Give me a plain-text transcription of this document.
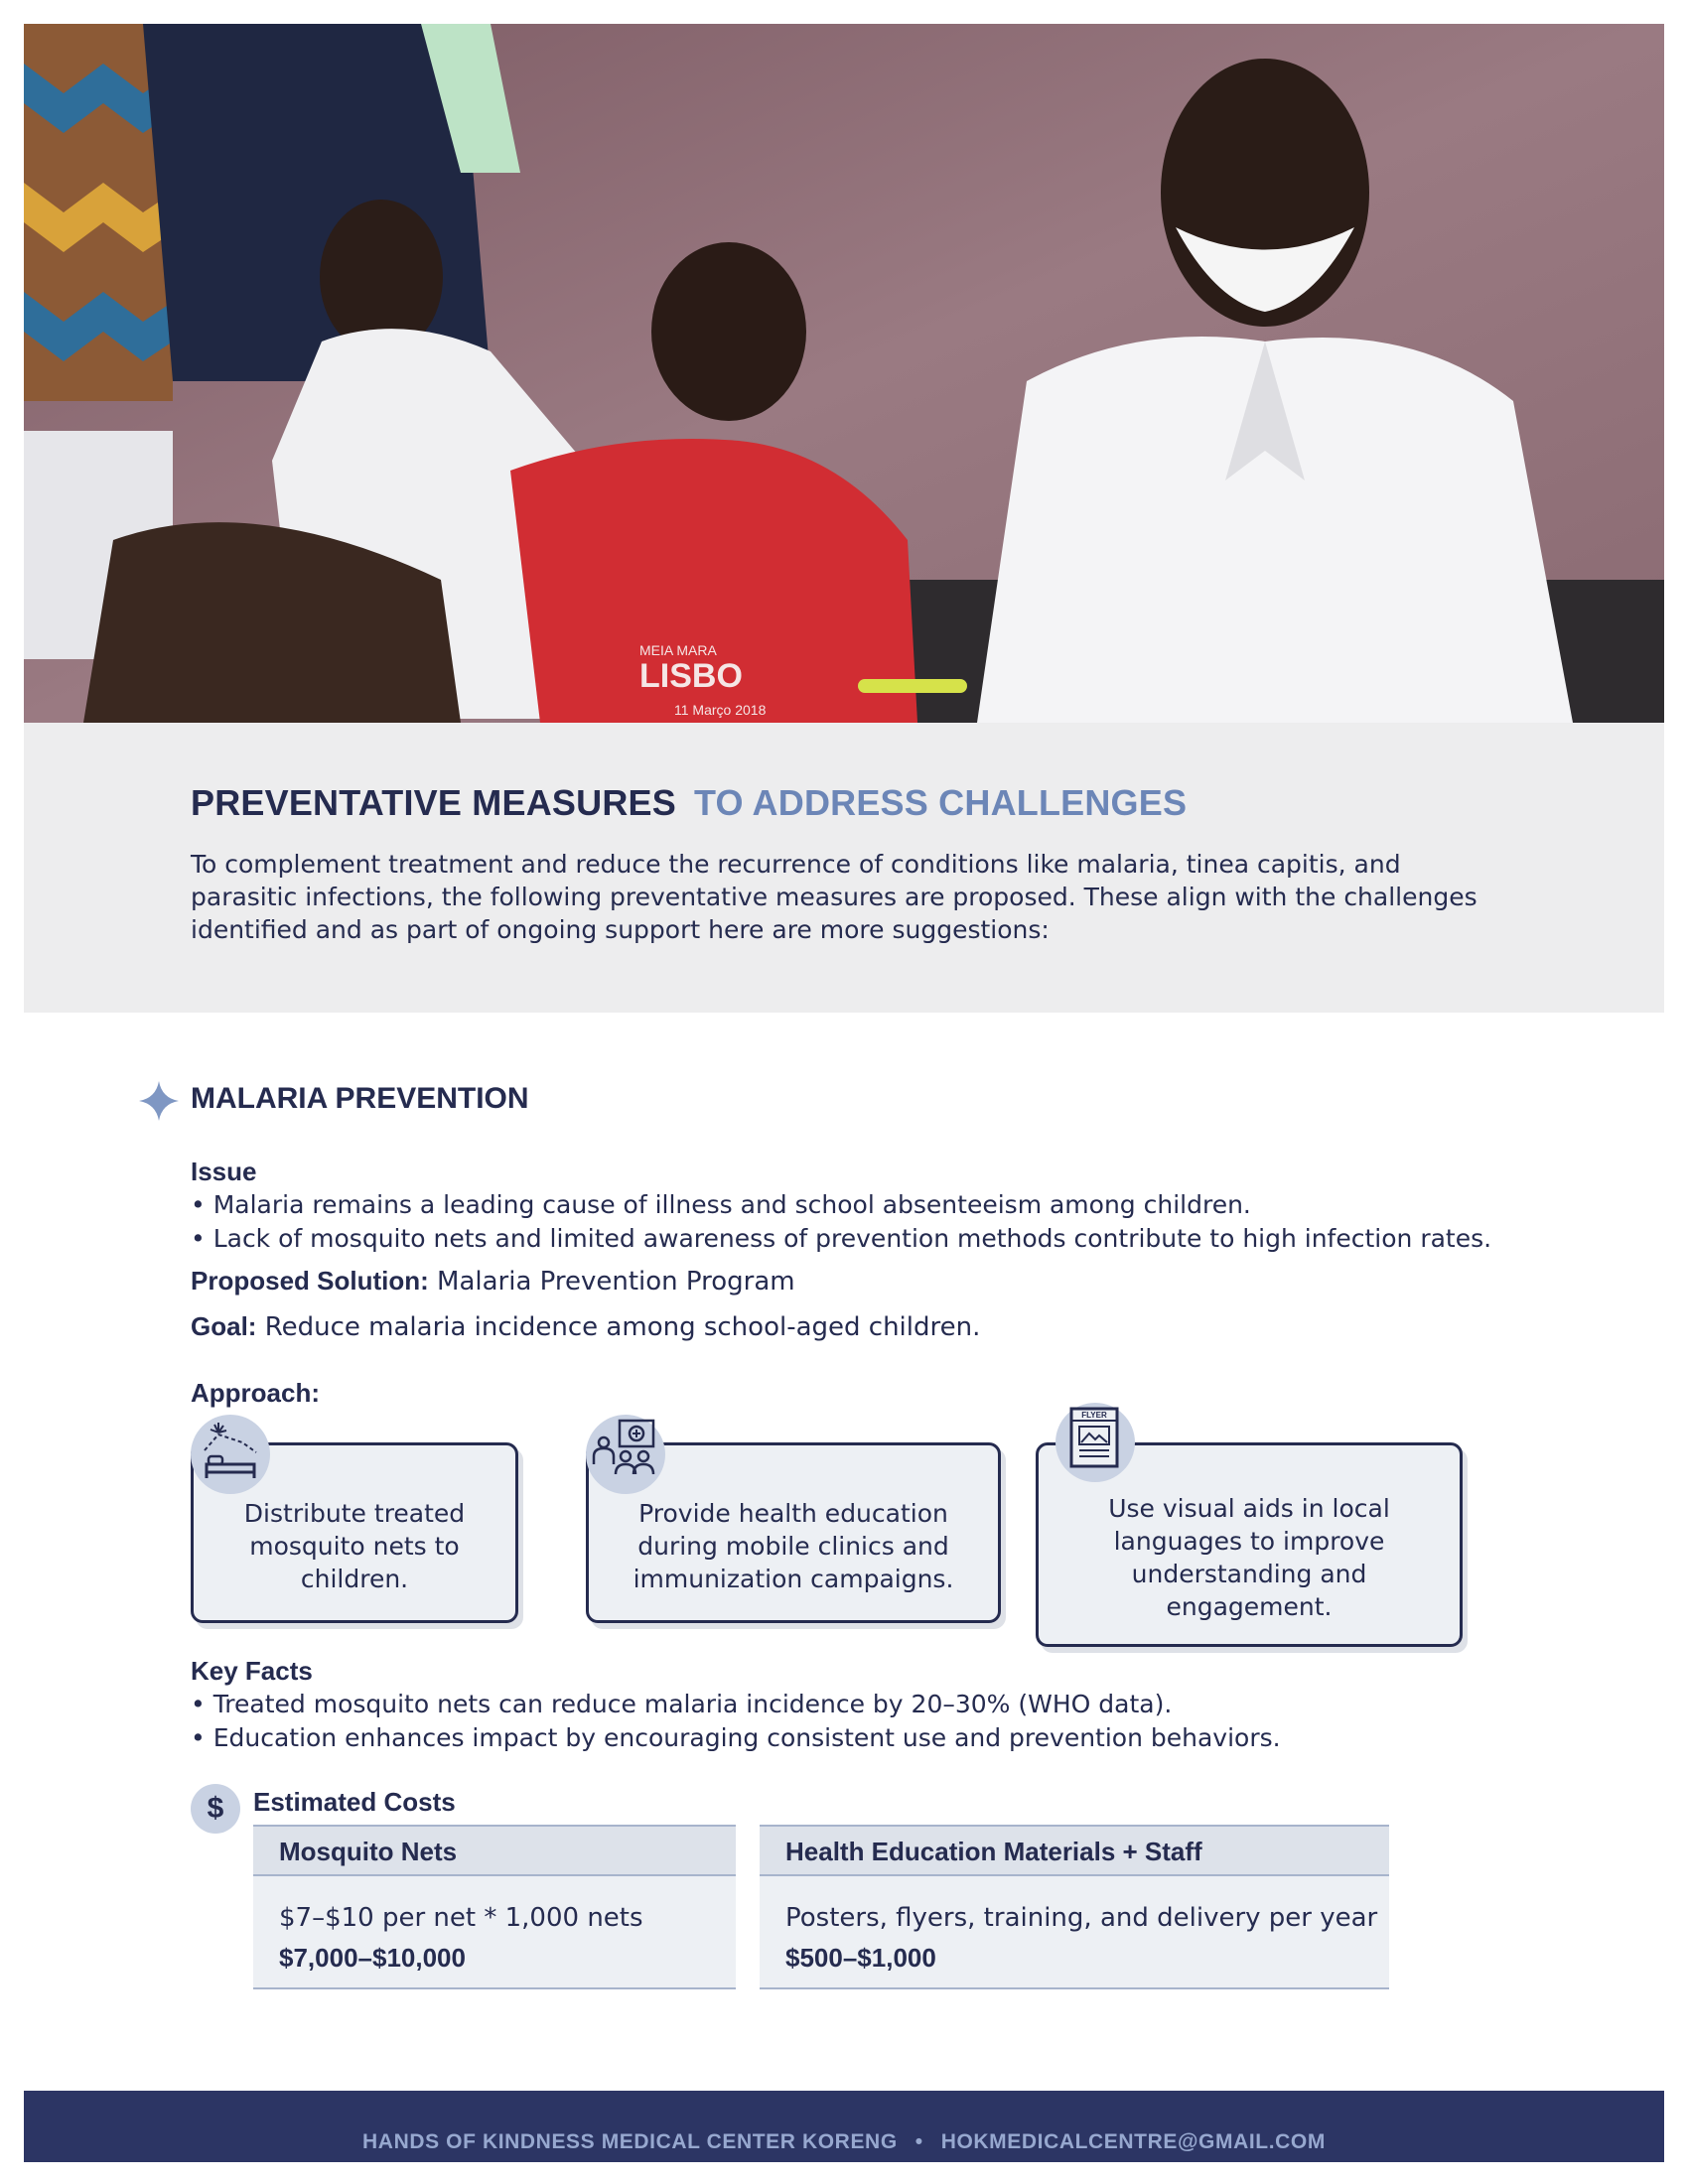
LISBO
MEIA MARA
11 Março 2018
PREVENTATIVE MEASURES TO ADDRESS CHALLENGES

To complement treatment and reduce the recurrence of conditions like malaria, tinea capitis, and parasitic infections, the following preventative measures are proposed. These align with the challenges identified and as part of ongoing support here are more suggestions:

MALARIA PREVENTION
Issue
• Malaria remains a leading cause of illness and school absenteeism among children.
• Lack of mosquito nets and limited awareness of prevention methods contribute to high infection rates.
Proposed Solution: Malaria Prevention Program
Goal: Reduce malaria incidence among school-aged children.
Approach:
Distribute treated mosquito nets to children.
Provide health education during mobile clinics and immunization campaigns.
Use visual aids in local languages to improve understanding and engagement.
FLYER
Key Facts
• Treated mosquito nets can reduce malaria incidence by 20–30% (WHO data).
• Education enhances impact by encouraging consistent use and prevention behaviors.
$	Estimated Costs
Mosquito Nets
$7–$10 per net * 1,000 nets
$7,000–$10,000
Health Education Materials + Staff
Posters, flyers, training, and delivery per year
$500–$1,000
HANDS OF KINDNESS MEDICAL CENTER KORENG • HOKMEDICALCENTRE@GMAIL.COM
